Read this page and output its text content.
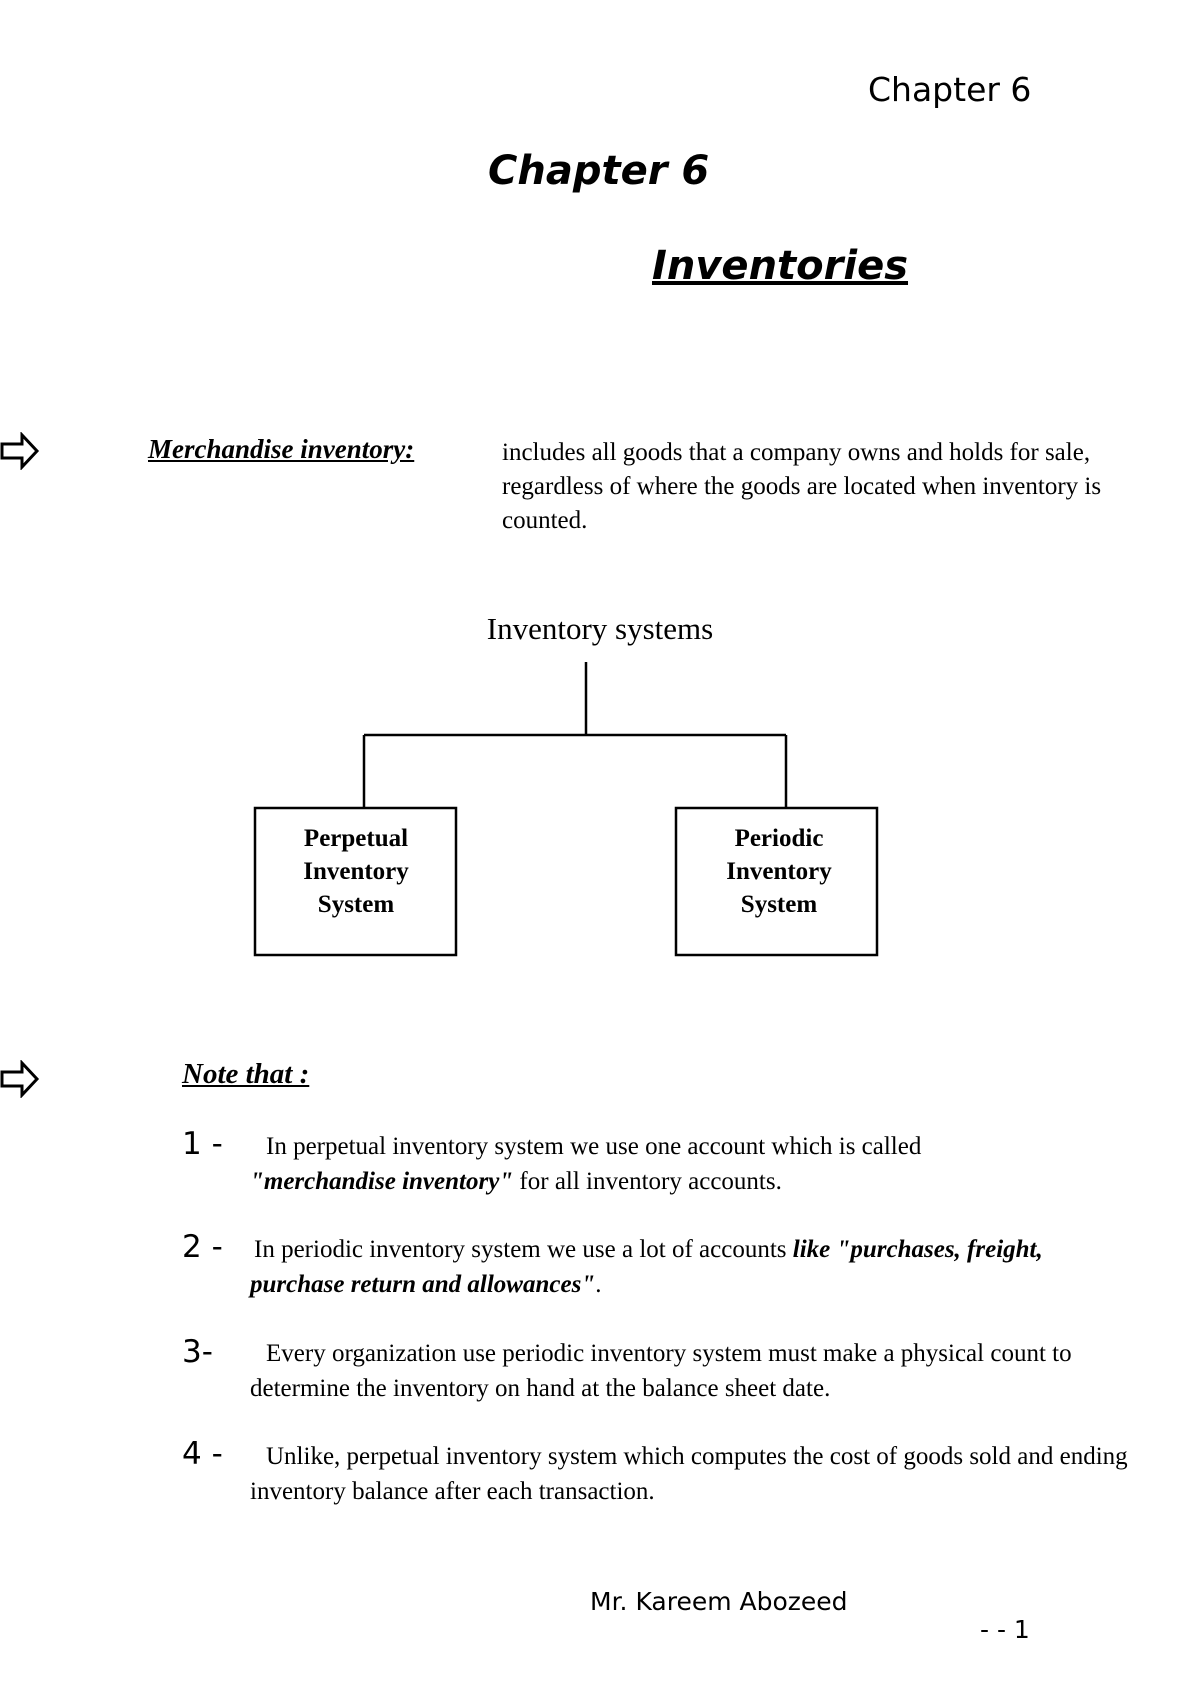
Chapter 6
Chapter 6
Inventories
Merchandise inventory:	includes all goods that a company owns and holds for sale, regardless of where the goods are located when inventory is counted.
Inventory systems
Perpetual
Inventory
System
Periodic
Inventory
System
Note that :
1 -	In perpetual inventory system we use one account which is called
"merchandise inventory" for all inventory accounts.
2 - In periodic inventory system we use a lot of accounts like "purchases, freight, purchase return and allowances".
3-	Every organization use periodic inventory system must make a physical count to determine the inventory on hand at the balance sheet date.
4 -	Unlike, perpetual inventory system which computes the cost of goods sold and ending inventory balance after each transaction.
Mr. Kareem Abozeed
- - 1
